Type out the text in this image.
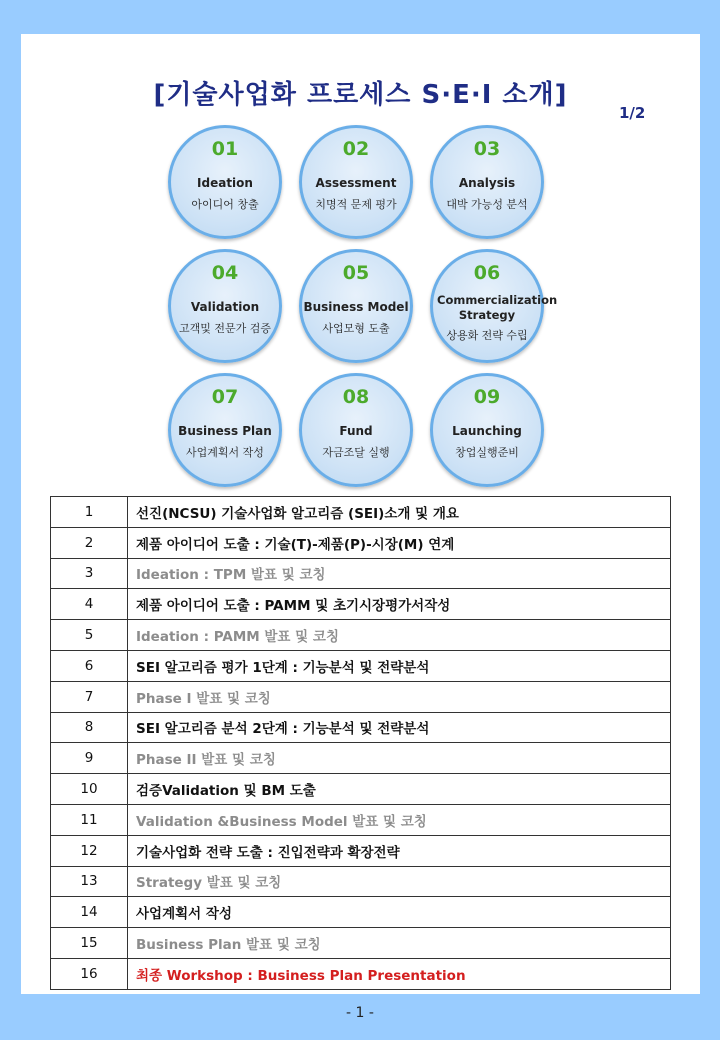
[기술사업화 프로세스 S·E·I 소개]
1/2
01
Ideation
아이디어 창출
02
Assessment
치명적 문제 평가
03
Analysis
대박 가능성 분석
04
Validation
고객및 전문가 검증
05
Business Model
사업모형 도출
06
Commercialization Strategy
상용화 전략 수립
07
Business Plan
사업계획서 작성
08
Fund
자금조달 실행
09
Launching
창업실행준비
1	선진(NCSU) 기술사업화 알고리즘 (SEI)소개 및 개요
2	제품 아이디어 도출 : 기술(T)-제품(P)-시장(M) 연계
3	Ideation : TPM 발표 및 코칭
4	제품 아이디어 도출 : PAMM 및 초기시장평가서작성
5	Ideation : PAMM 발표 및 코칭
6	SEI 알고리즘 평가 1단계 : 기능분석 및 전략분석
7	Phase I 발표 및 코칭
8	SEI 알고리즘 분석 2단계 : 기능분석 및 전략분석
9	Phase II 발표 및 코칭
10	검증Validation 및 BM 도출
11	Validation &Business Model 발표 및 코칭
12	기술사업화 전략 도출 : 진입전략과 확장전략
13	Strategy 발표 및 코칭
14	사업계획서 작성
15	Business Plan 발표 및 코칭
16	최종 Workshop : Business Plan Presentation
- 1 -
